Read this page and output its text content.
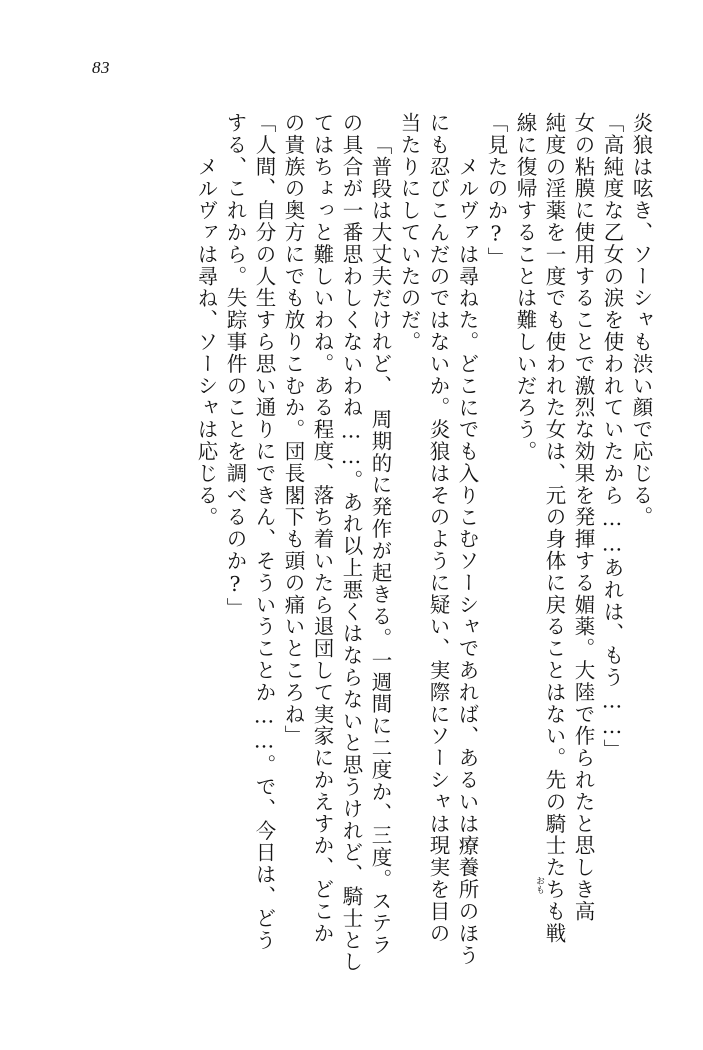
83
炎狼は呟き、ソーシャも渋い顔で応じる。
「高純度な乙女の涙を使われていたから……あれは、もう……」
女の粘膜に使用することで激烈な効果を発揮する媚薬。大陸で作られたと思しき高
純度の淫薬を一度でも使われた女は、元の身体に戻ることはない。先の騎士たちも戦
おも
線に復帰することは難しいだろう。
「見たのか?」
　メルヴァは尋ねた。どこにでも入りこむソーシャであれば、あるいは療養所のほう
にも忍びこんだのではないか。炎狼はそのように疑い、実際にソーシャは現実を目の
当たりにしていたのだ。
「普段は大丈夫だけれど、　周期的に発作が起きる。一週間に二度か、三度。ステラ
の具合が一番思わしくないわね……。あれ以上悪くはならないと思うけれど、騎士とし
てはちょっと難しいわね。ある程度、落ち着いたら退団して実家にかえすか、どこか
の貴族の奥方にでも放りこむか。団長閣下も頭の痛いところね」
「人間、自分の人生すら思い通りにできん、そういうことか……。で、今日は、どう
する、これから。失踪事件のことを調べるのか?」
　メルヴァは尋ね、ソーシャは応じる。
